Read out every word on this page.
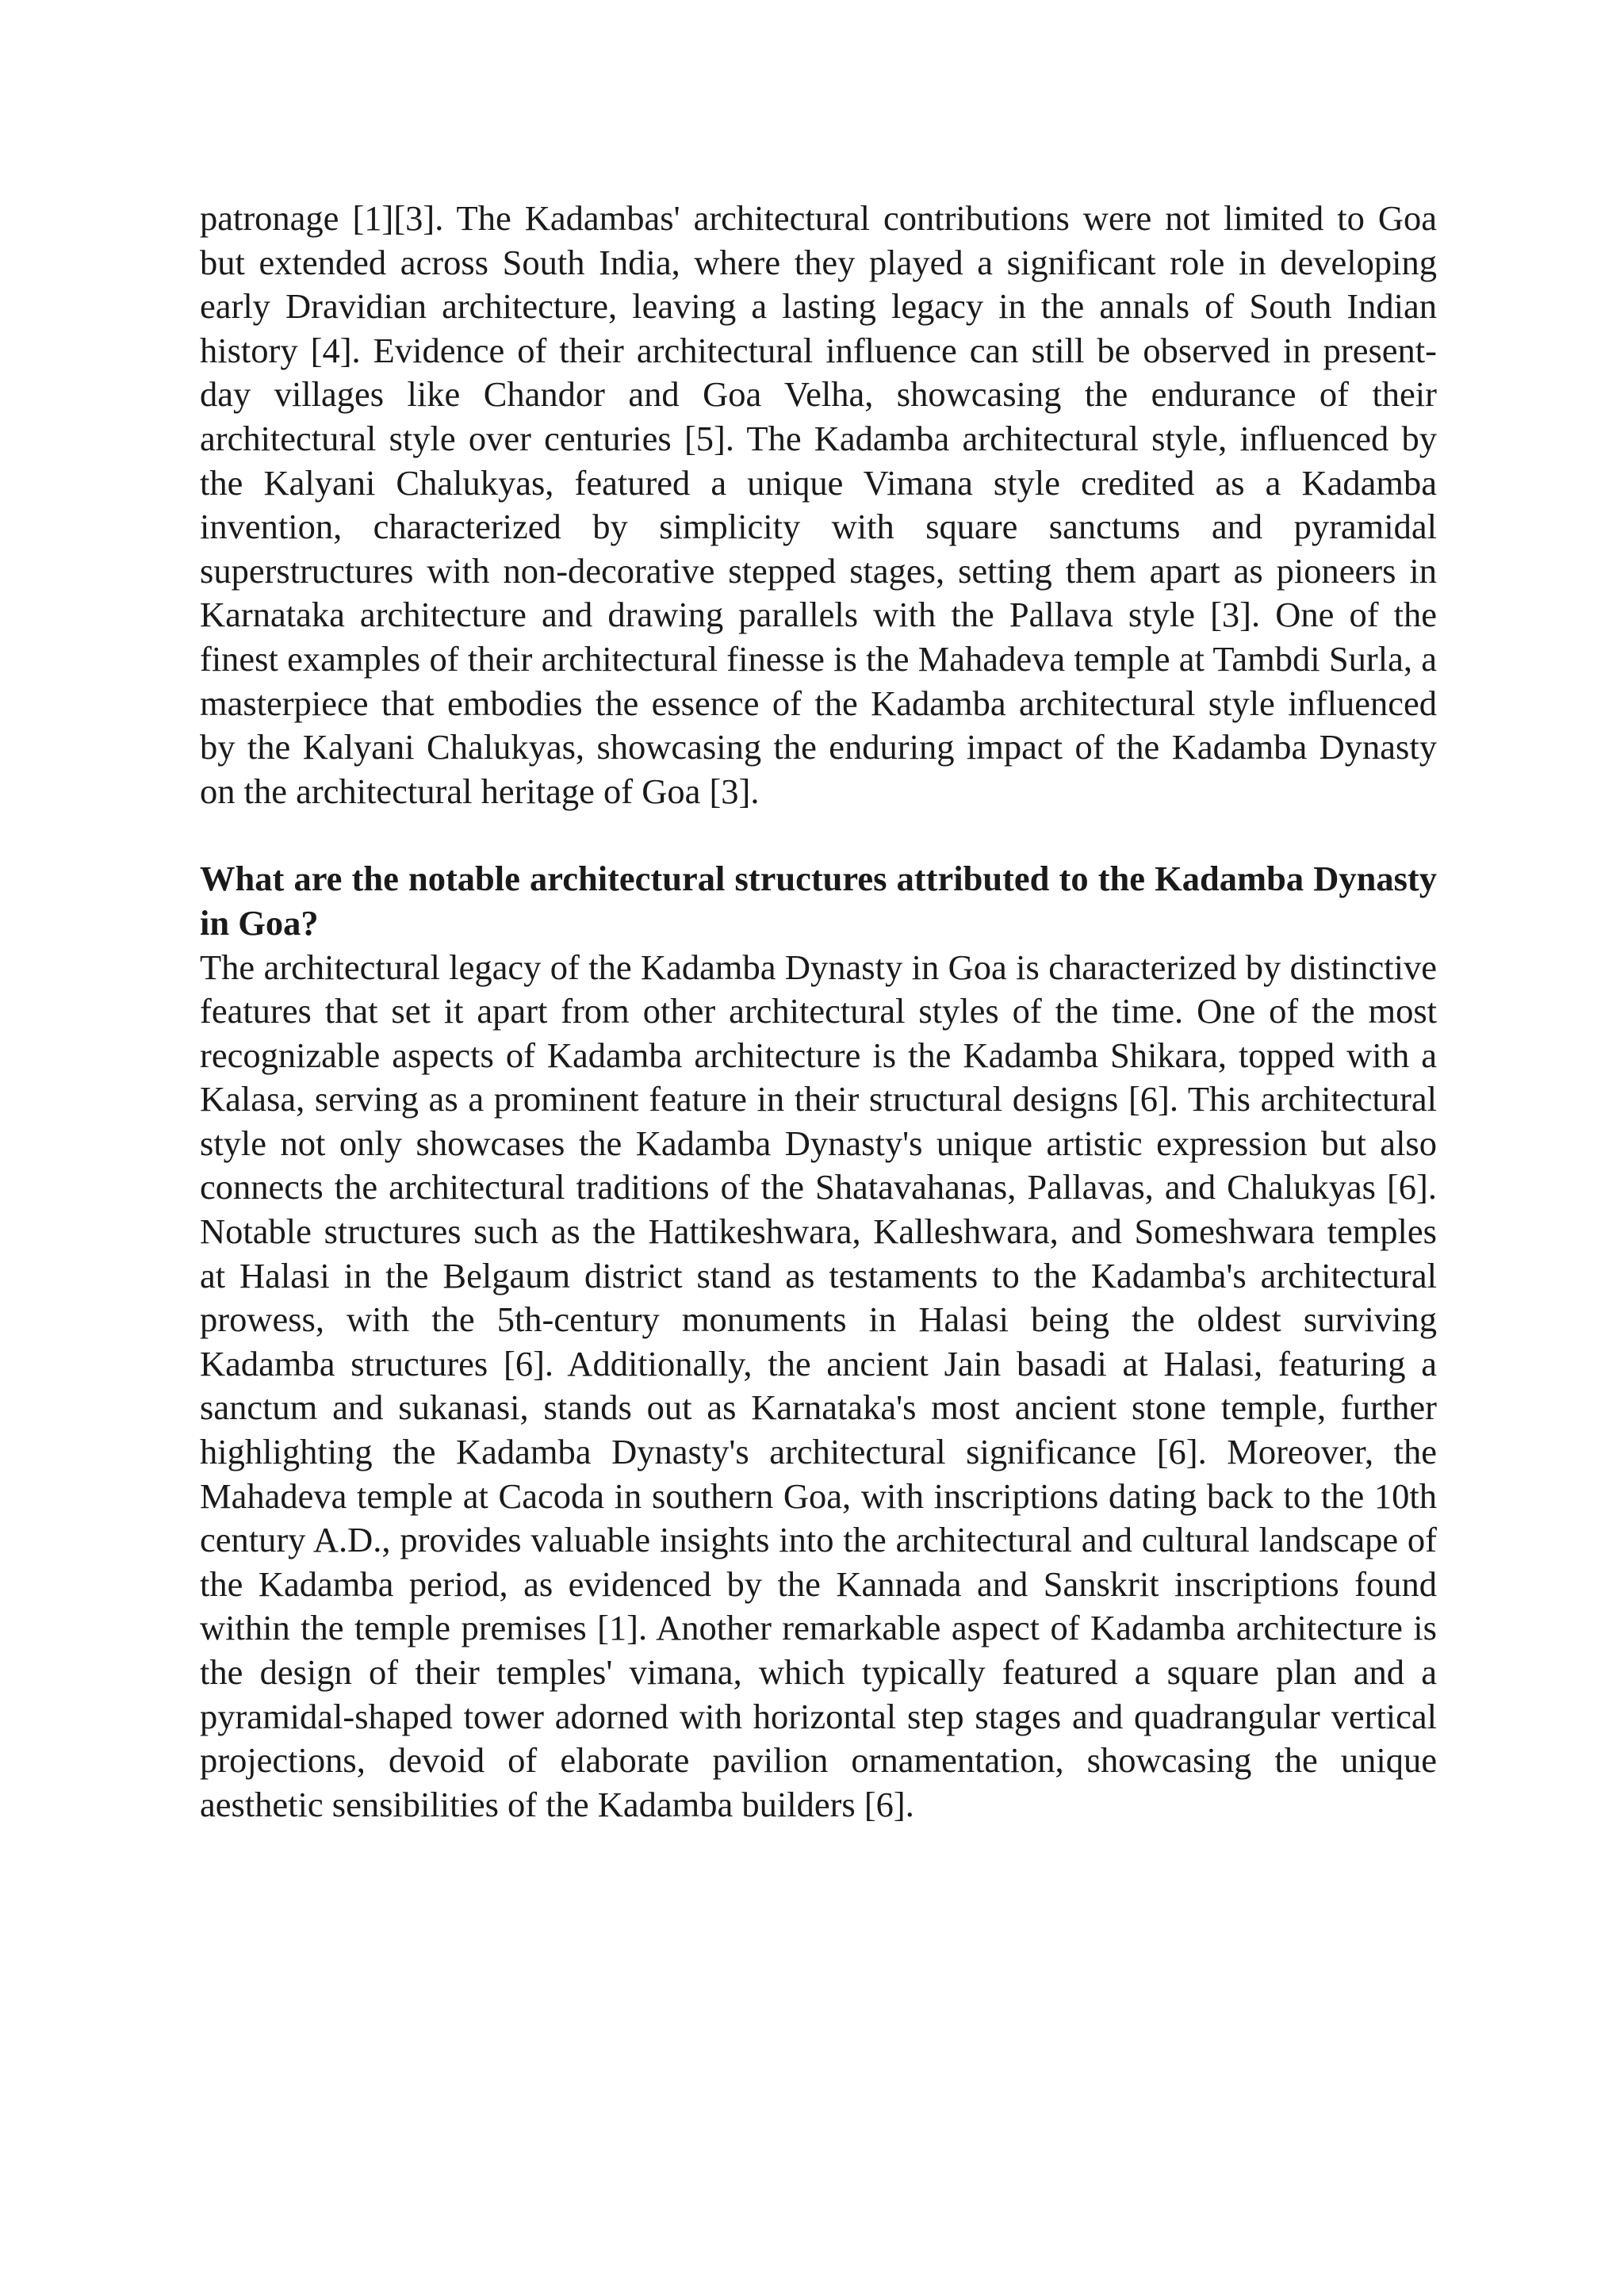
patronage [1][3]. The Kadambas' architectural contributions were not limited to Goa but extended across South India, where they played a significant role in developing early Dravidian architecture, leaving a lasting legacy in the annals of South Indian history [4]. Evidence of their architectural influence can still be observed in present-day villages like Chandor and Goa Velha, showcasing the endurance of their architectural style over centuries [5]. The Kadamba architectural style, influenced by the Kalyani Chalukyas, featured a unique Vimana style credited as a Kadamba invention, characterized by simplicity with square sanctums and pyramidal superstructures with non-decorative stepped stages, setting them apart as pioneers in Karnataka architecture and drawing parallels with the Pallava style [3]. One of the finest examples of their architectural finesse is the Mahadeva temple at Tambdi Surla, a masterpiece that embodies the essence of the Kadamba architectural style influenced by the Kalyani Chalukyas, showcasing the enduring impact of the Kadamba Dynasty on the architectural heritage of Goa [3].

What are the notable architectural structures attributed to the Kadamba Dynasty in Goa?

The architectural legacy of the Kadamba Dynasty in Goa is characterized by distinctive features that set it apart from other architectural styles of the time. One of the most recognizable aspects of Kadamba architecture is the Kadamba Shikara, topped with a Kalasa, serving as a prominent feature in their structural designs [6]. This architectural style not only showcases the Kadamba Dynasty's unique artistic expression but also connects the architectural traditions of the Shatavahanas, Pallavas, and Chalukyas [6]. Notable structures such as the Hattikeshwara, Kalleshwara, and Someshwara temples at Halasi in the Belgaum district stand as testaments to the Kadamba's architectural prowess, with the 5th-century monuments in Halasi being the oldest surviving Kadamba structures [6]. Additionally, the ancient Jain basadi at Halasi, featuring a sanctum and sukanasi, stands out as Karnataka's most ancient stone temple, further highlighting the Kadamba Dynasty's architectural significance [6]. Moreover, the Mahadeva temple at Cacoda in southern Goa, with inscriptions dating back to the 10th century A.D., provides valuable insights into the architectural and cultural landscape of the Kadamba period, as evidenced by the Kannada and Sanskrit inscriptions found within the temple premises [1]. Another remarkable aspect of Kadamba architecture is the design of their temples' vimana, which typically featured a square plan and a pyramidal-shaped tower adorned with horizontal step stages and quadrangular vertical projections, devoid of elaborate pavilion ornamentation, showcasing the unique aesthetic sensibilities of the Kadamba builders [6].
